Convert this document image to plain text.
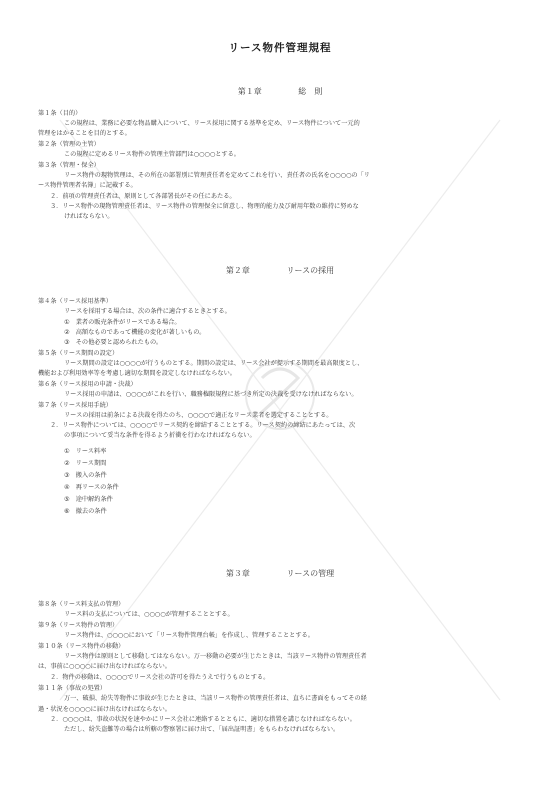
リース物件管理規程
第１章	総　則
第１条（目的）
この規程は、業務に必要な物品購入について、リース採用に関する基準を定め、リース物件について一元的
管理をはかることを目的とする。
第２条（管理の主管）
この規程に定めるリース物件の管理主管部門は○○○○とする。
第３条（管理・保全）
リース物件の現物管理は、その所在の部署別に管理責任者を定めてこれを行い、責任者の氏名を○○○○の「リ
ース物件管理者名簿」に記載する。
２．前項の管理責任者は、原則として各部署長がその任にあたる。
３．リース物件の現物管理責任者は、リース物件の管理保全に留意し、物理的能力及び耐用年数の維持に努めな
ければならない。
第２章	リースの採用
第４条（リース採用基準）
リースを採用する場合は、次の条件に適合するときとする。
①　業者の販売条件がリースである場合。
②　高額なものであって機能の変化が著しいもの。
③　その他必要と認められたもの。
第５条（リース期間の設定）
リース期間の設定は○○○○が行うものとする。期間の設定は、リース会社が提示する期間を最高限度とし、
機能および利用効率等を考慮し適切な期間を設定しなければならない。
第６条（リース採用の申請・決裁）
リース採用の申請は、○○○○がこれを行い、職務権限規程に基づき所定の決裁を受けなければならない。
第７条（リース採用手続）
リースの採用は前条による決裁を得たのち、○○○○で適正なリース業者を選定することとする。
２．リース物件については、○○○○でリース契約を締結することとする。リース契約の締結にあたっては、次
の事項について妥当な条件を得るよう折衝を行わなければならない。
①　リース料率
②　リース期間
③　搬入の条件
④　再リースの条件
⑤　途中解約条件
⑥　撤去の条件
第３章	リースの管理
第８条（リース料支払の管理）
リース料の支払については、○○○○が管理することとする。
第９条（リース物件の管理）
リース物件は、○○○○において「リース物件管理台帳」を作成し、管理することとする。
第１０条（リース物件の移動）
リース物件は原則として移動してはならない。万一移動の必要が生じたときは、当該リース物件の管理責任者
は、事前に○○○○に届け出なければならない。
２．物件の移動は、○○○○でリース会社の許可を得たうえで行うものとする。
第１１条（事故の処置）
万一、破損、紛失等物件に事故が生じたときは、当該リース物件の管理責任者は、直ちに書面をもってその経
過・状況を○○○○に届け出なければならない。
２．○○○○は、事故の状況を速やかにリース会社に連絡するとともに、適切な措置を講じなければならない。
ただし、紛失盗難等の場合は所轄の警察署に届け出て、「届出証明書」をもらわなければならない。
